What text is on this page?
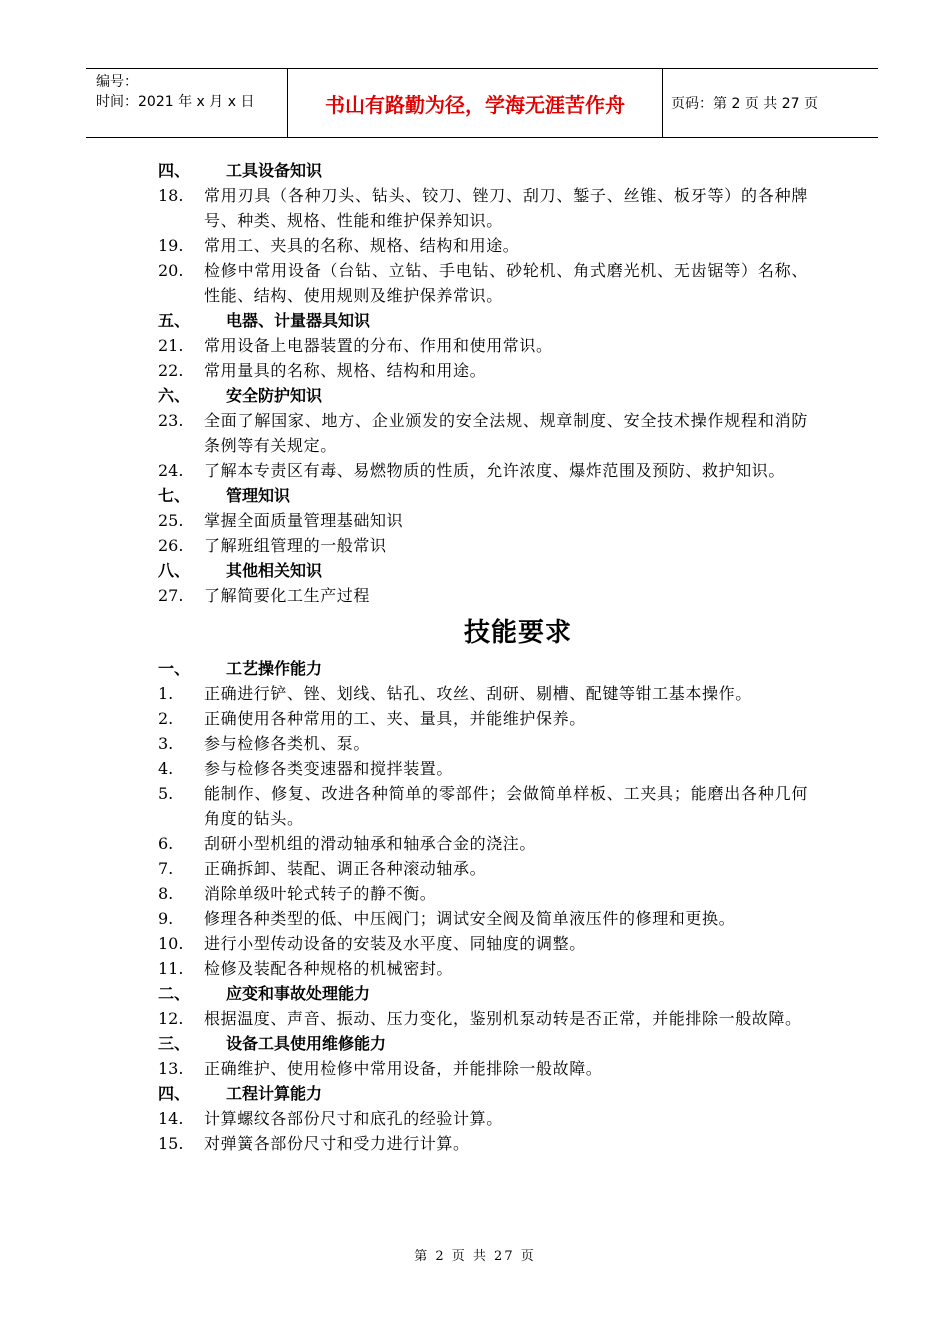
编号：
时间：2021 年 x 月 x 日	书山有路勤为径，学海无涯苦作舟	页码：第 2 页 共 27 页
四、	工具设备知识
18.	常用刃具（各种刀头、钻头、铰刀、锉刀、刮刀、錾子、丝锥、板牙等）的各种牌号、种类、规格、性能和维护保养知识。
19.	常用工、夹具的名称、规格、结构和用途。
20.	检修中常用设备（台钻、立钻、手电钻、砂轮机、角式磨光机、无齿锯等）名称、性能、结构、使用规则及维护保养常识。
五、	电器、计量器具知识
21.	常用设备上电器装置的分布、作用和使用常识。
22.	常用量具的名称、规格、结构和用途。
六、	安全防护知识
23.	全面了解国家、地方、企业颁发的安全法规、规章制度、安全技术操作规程和消防条例等有关规定。
24.	了解本专责区有毒、易燃物质的性质，允许浓度、爆炸范围及预防、救护知识。
七、	管理知识
25.	掌握全面质量管理基础知识
26.	了解班组管理的一般常识
八、	其他相关知识
27.	了解简要化工生产过程
技能要求
一、	工艺操作能力
1.	正确进行铲、锉、划线、钻孔、攻丝、刮研、剔槽、配键等钳工基本操作。
2.	正确使用各种常用的工、夹、量具，并能维护保养。
3.	参与检修各类机、泵。
4.	参与检修各类变速器和搅拌装置。
5.	能制作、修复、改进各种简单的零部件；会做简单样板、工夹具；能磨出各种几何角度的钻头。
6.	刮研小型机组的滑动轴承和轴承合金的浇注。
7.	正确拆卸、装配、调正各种滚动轴承。
8.	消除单级叶轮式转子的静不衡。
9.	修理各种类型的低、中压阀门；调试安全阀及简单液压件的修理和更换。
10.	进行小型传动设备的安装及水平度、同轴度的调整。
11.	检修及装配各种规格的机械密封。
二、	应变和事故处理能力
12.	根据温度、声音、振动、压力变化，鉴别机泵动转是否正常，并能排除一般故障。
三、	设备工具使用维修能力
13.	正确维护、使用检修中常用设备，并能排除一般故障。
四、	工程计算能力
14.	计算螺纹各部份尺寸和底孔的经验计算。
15.	对弹簧各部份尺寸和受力进行计算。
第 2 页 共 27 页
